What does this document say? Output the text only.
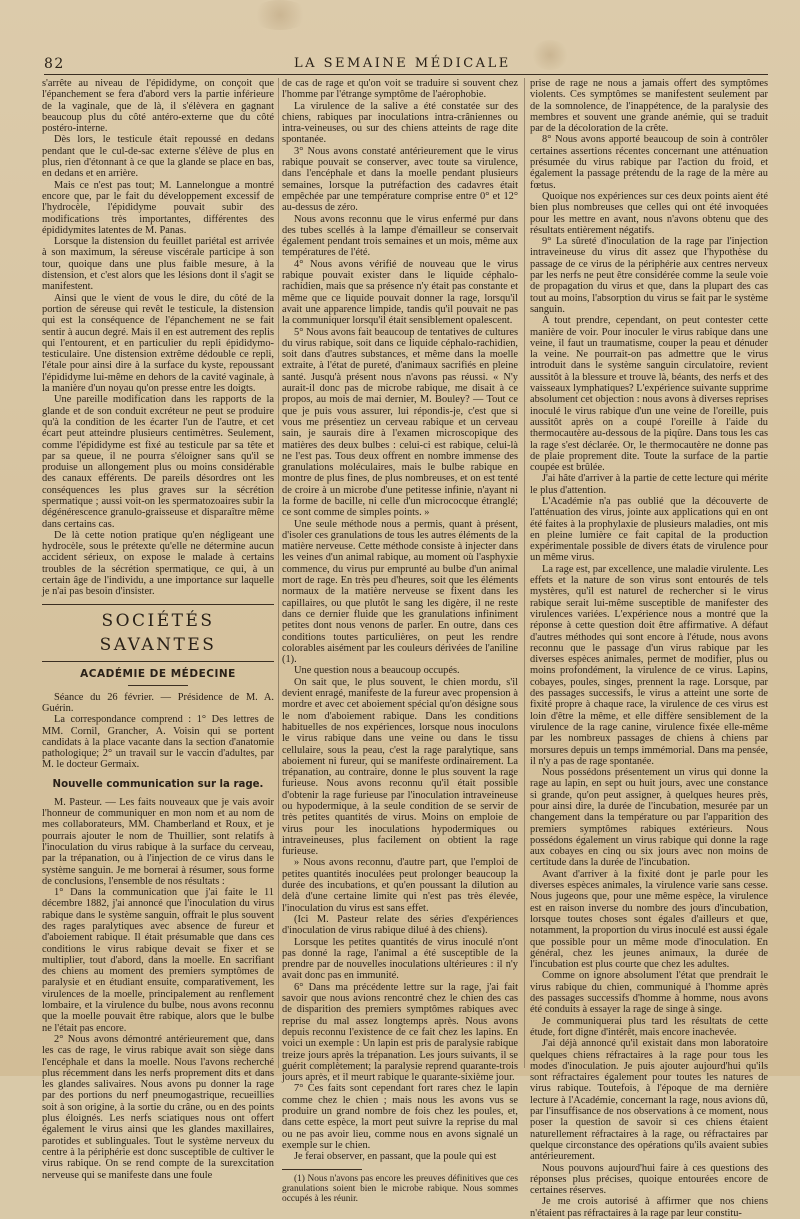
82	LA SEMAINE MÉDICALE

s'arrête au niveau de l'épididyme, on conçoit que l'épanchement se fera d'abord vers la partie inférieure de la vaginale, que de là, il s'élèvera en gagnant beaucoup plus du côté antéro-externe que du côté postéro-interne.

Dès lors, le testicule était repoussé en dedans pendant que le cul-de-sac externe s'élève de plus en plus, rien d'étonnant à ce que la glande se place en bas, en dedans et en arrière.

Mais ce n'est pas tout; M. Lannelongue a montré encore que, par le fait du développement excessif de l'hydrocèle, l'épididyme pouvait subir des modifications très importantes, différentes des épididymites latentes de M. Panas.

Lorsque la distension du feuillet pariétal est arrivée à son maximum, la séreuse viscérale participe à son tour, quoique dans une plus faible mesure, à la distension, et c'est alors que les lésions dont il s'agit se manifestent.

Ainsi que le vient de vous le dire, du côté de la portion de séreuse qui revêt le testicule, la distension qui est la conséquence de l'épanchement ne se fait sentir à aucun degré. Mais il en est autrement des replis qui l'entourent, et en particulier du repli épididymo-testiculaire. Une distension extrême dédouble ce repli, l'étale pour ainsi dire à la surface du kyste, repoussant l'épididyme lui-même en dehors de la cavité vaginale, à la manière d'un noyau qu'on presse entre les doigts.

Une pareille modification dans les rapports de la glande et de son conduit excréteur ne peut se produire qu'à la condition de les écarter l'un de l'autre, et cet écart peut atteindre plusieurs centimètres. Seulement, comme l'épididyme est fixé au testicule par sa tête et par sa queue, il ne pourra s'éloigner sans qu'il se produise un allongement plus ou moins considérable des canaux efférents. De pareils désordres ont les conséquences les plus graves sur la sécrétion spermatique ; aussi voit-on les spermatozoaires subir la dégénérescence granulo-graisseuse et disparaître même dans certains cas.

De là cette notion pratique qu'en négligeant une hydrocèle, sous le prétexte qu'elle ne détermine aucun accident sérieux, on expose le malade à certains troubles de la sécrétion spermatique, ce qui, à un certain âge de l'individu, a une importance sur laquelle je n'ai pas besoin d'insister.

SOCIÉTÉS SAVANTES
ACADÉMIE DE MÉDECINE

Séance du 26 février. — Présidence de M. A. Guérin.

La correspondance comprend : 1° Des lettres de MM. Cornil, Grancher, A. Voisin qui se portent candidats à la place vacante dans la section d'anatomie pathologique; 2° un travail sur le vaccin d'adultes, par M. le docteur Germaix.

Nouvelle communication sur la rage.

M. Pasteur. — Les faits nouveaux que je vais avoir l'honneur de communiquer en mon nom et au nom de mes collaborateurs, MM. Chamberland et Roux, et je pourrais ajouter le nom de Thuillier, sont relatifs à l'inoculation du virus rabique à la surface du cerveau, par la trépanation, ou à l'injection de ce virus dans le système sanguin. Je me bornerai à résumer, sous forme de conclusions, l'ensemble de nos résultats :

1° Dans la communication que j'ai faite le 11 décembre 1882, j'ai annoncé que l'inoculation du virus rabique dans le système sanguin, offrait le plus souvent des rages paralytiques avec absence de fureur et d'aboiement rabique. Il était présumable que dans ces conditions le virus rabique devait se fixer et se multiplier, tout d'abord, dans la moelle. En sacrifiant des chiens au moment des premiers symptômes de paralysie et en étudiant ensuite, comparativement, les virulences de la moelle, principalement au renflement lombaire, et la virulence du bulbe, nous avons reconnu que la moelle pouvait être rabique, alors que le bulbe ne l'était pas encore.

2° Nous avons démontré antérieurement que, dans les cas de rage, le virus rabique avait son siège dans l'encéphale et dans la moelle. Nous l'avons recherché plus récemment dans les nerfs proprement dits et dans les glandes salivaires. Nous avons pu donner la rage par des portions du nerf pneumogastrique, recueillies soit à son origine, à la sortie du crâne, ou en des points plus éloignés. Les nerfs sciatiques nous ont offert également le virus ainsi que les glandes maxillaires, parotides et sublinguales. Tout le système nerveux du centre à la périphérie est donc susceptible de cultiver le virus rabique. On se rend compte de la surexcitation nerveuse qui se manifeste dans une foule

de cas de rage et qu'on voit se traduire si souvent chez l'homme par l'étrange symptôme de l'aérophobie.

La virulence de la salive a été constatée sur des chiens, rabiques par inoculations intra-crâniennes ou intra-veineuses, ou sur des chiens atteints de rage dite spontanée.

3° Nous avons constaté antérieurement que le virus rabique pouvait se conserver, avec toute sa virulence, dans l'encéphale et dans la moelle pendant plusieurs semaines, lorsque la putréfaction des cadavres était empêchée par une température comprise entre 0° et 12° au-dessus de zéro.

Nous avons reconnu que le virus enfermé pur dans des tubes scellés à la lampe d'émailleur se conservait également pendant trois semaines et un mois, même aux températures de l'été.

4° Nous avons vérifié de nouveau que le virus rabique pouvait exister dans le liquide céphalo-rachidien, mais que sa présence n'y était pas constante et même que ce liquide pouvait donner la rage, lorsqu'il avait une apparence limpide, tandis qu'il pouvait ne pas la communiquer lorsqu'il était sensiblement opalescent.

5° Nous avons fait beaucoup de tentatives de cultures du virus rabique, soit dans ce liquide céphalo-rachidien, soit dans d'autres substances, et même dans la moelle extraite, à l'état de pureté, d'animaux sacrifiés en pleine santé. Jusqu'à présent nous n'avons pas réussi. « N'y aurait-il donc pas de microbe rabique, me disait à ce propos, au mois de mai dernier, M. Bouley? — Tout ce que je puis vous assurer, lui répondis-je, c'est que si vous me présentiez un cerveau rabique et un cerveau sain, je saurais dire à l'examen microscopique des matières des deux bulbes : celui-ci est rabique, celui-là ne l'est pas. Tous deux offrent en nombre immense des granulations moléculaires, mais le bulbe rabique en montre de plus fines, de plus nombreuses, et on est tenté de croire à un microbe d'une petitesse infinie, n'ayant ni la forme de bacille, ni celle d'un micrococque étranglé; ce sont comme de simples points. »

Une seule méthode nous a permis, quant à présent, d'isoler ces granulations de tous les autres éléments de la matière nerveuse. Cette méthode consiste à injecter dans les veines d'un animal rabique, au moment où l'asphyxie commence, du virus pur emprunté au bulbe d'un animal mort de rage. En très peu d'heures, soit que les éléments normaux de la matière nerveuse se fixent dans les capillaires, ou que plutôt le sang les digère, il ne reste dans ce dernier fluide que les granulations infiniment petites dont nous venons de parler. En outre, dans ces conditions toutes particulières, on peut les rendre colorables aisément par les couleurs dérivées de l'aniline (1).

Une question nous a beaucoup occupés.

On sait que, le plus souvent, le chien mordu, s'il devient enragé, manifeste de la fureur avec propension à mordre et avec cet aboiement spécial qu'on désigne sous le nom d'aboiement rabique. Dans les conditions habituelles de nos expériences, lorsque nous inoculons le virus rabique dans une veine ou dans le tissu cellulaire, sous la peau, c'est la rage paralytique, sans aboiement ni fureur, qui se manifeste ordinairement. La trépanation, au contraire, donne le plus souvent la rage furieuse. Nous avons reconnu qu'il était possible d'obtenir la rage furieuse par l'inoculation intraveineuse ou hypodermique, à la seule condition de se servir de très petites quantités de virus. Moins on emploie de virus pour les inoculations hypodermiques ou intraveineuses, plus facilement on obtient la rage furieuse.

» Nous avons reconnu, d'autre part, que l'emploi de petites quantités inoculées peut prolonger beaucoup la durée des incubations, et qu'en poussant la dilution au delà d'une certaine limite qui n'est pas très élevée, l'inoculation du virus est sans effet.

(Ici M. Pasteur relate des séries d'expériences d'inoculation de virus rabique dilué à des chiens).

Lorsque les petites quantités de virus inoculé n'ont pas donné la rage, l'animal a été susceptible de la prendre par de nouvelles inoculations ultérieures : il n'y avait donc pas en immunité.

6° Dans ma précédente lettre sur la rage, j'ai fait savoir que nous avions rencontré chez le chien des cas de disparition des premiers symptômes rabiques avec reprise du mal assez longtemps après. Nous avons depuis reconnu l'existence de ce fait chez les lapins. En voici un exemple : Un lapin est pris de paralysie rabique treize jours après la trépanation. Les jours suivants, il se guérit complètement; la paralysie reprend quarante-trois jours après, et il meurt rabique le quarante-sixième jour.

7° Ces faits sont cependant fort rares chez le lapin comme chez le chien ; mais nous les avons vus se produire un grand nombre de fois chez les poules, et, dans cette espèce, la mort peut suivre la reprise du mal ou ne pas avoir lieu, comme nous en avons signalé un exemple sur le chien.

Je ferai observer, en passant, que la poule qui est

(1) Nous n'avons pas encore les preuves définitives que ces granulations soient bien le microbe rabique. Nous sommes occupés à les réunir.

prise de rage ne nous a jamais offert des symptômes violents. Ces symptômes se manifestent seulement par de la somnolence, de l'inappétence, de la paralysie des membres et souvent une grande anémie, qui se traduit par de la décoloration de la crête.

8° Nous avons apporté beaucoup de soin à contrôler certaines assertions récentes concernant une atténuation présumée du virus rabique par l'action du froid, et également la passage prétendu de la rage de la mère au fœtus.

Quoique nos expériences sur ces deux points aient été bien plus nombreuses que celles qui ont été invoquées pour les mettre en avant, nous n'avons obtenu que des résultats entièrement négatifs.

9° La sûreté d'inoculation de la rage par l'injection intraveineuse du virus dit assez que l'hypothèse du passage de ce virus de la périphérie aux centres nerveux par les nerfs ne peut être considérée comme la seule voie de propagation du virus et que, dans la plupart des cas tout au moins, l'absorption du virus se fait par le système sanguin.

A tout prendre, cependant, on peut contester cette manière de voir. Pour inoculer le virus rabique dans une veine, il faut un traumatisme, couper la peau et dénuder la veine. Ne pourrait-on pas admettre que le virus introduit dans le système sanguin circulatoire, revient aussitôt à la blessure et trouve là, béants, des nerfs et des vaisseaux lymphatiques? L'expérience suivante supprime absolument cet objection : nous avons à diverses reprises inoculé le virus rabique d'un une veine de l'oreille, puis aussitôt après on a coupé l'oreille à l'aide du thermocautère au-dessous de la piqûre. Dans tous les cas la rage s'est déclarée. Or, le thermocautère ne donne pas de plaie proprement dite. Toute la surface de la partie coupée est brûlée.

J'ai hâte d'arriver à la partie de cette lecture qui mérite le plus d'attention.

L'Académie n'a pas oublié que la découverte de l'atténuation des virus, jointe aux applications qui en ont été faites à la prophylaxie de plusieurs maladies, ont mis en pleine lumière ce fait capital de la production expérimentale possible de divers états de virulence pour un même virus.

La rage est, par excellence, une maladie virulente. Les effets et la nature de son virus sont entourés de tels mystères, qu'il est naturel de rechercher si le virus rabique serait lui-même susceptible de manifester des virulences variées. L'expérience nous a montré que la réponse à cette question doit être affirmative. A défaut d'autres méthodes qui sont encore à l'étude, nous avons reconnu que le passage d'un virus rabique par les diverses espèces animales, permet de modifier, plus ou moins profondément, la virulence de ce virus. Lapins, cobayes, poules, singes, prennent la rage. Lorsque, par des passages successifs, le virus a atteint une sorte de fixité propre à chaque race, la virulence de ces virus est loin d'être la même, et elle diffère sensiblement de la virulence de la rage canine, virulence fixée elle-même par les nombreux passages de chiens à chiens par morsures depuis un temps immémorial. Dans ma pensée, il n'y a pas de rage spontanée.

Nous possédons présentement un virus qui donne la rage au lapin, en sept ou huit jours, avec une constance si grande, qu'on peut assigner, à quelques heures près, pour ainsi dire, la durée de l'incubation, mesurée par un changement dans la température ou par l'apparition des premiers symptômes rabiques extérieurs. Nous possédons également un virus rabique qui donne la rage aux cobayes en cinq ou six jours avec non moins de certitude dans la durée de l'incubation.

Avant d'arriver à la fixité dont je parle pour les diverses espèces animales, la virulence varie sans cesse. Nous jugeons que, pour une même espèce, la virulence est en raison inverse du nombre des jours d'incubation, lorsque toutes choses sont égales d'ailleurs et que, notamment, la proportion du virus inoculé est aussi égale que possible pour un même mode d'inoculation. En général, chez les jeunes animaux, la durée de l'incubation est plus courte que chez les adultes.

Comme on ignore absolument l'état que prendrait le virus rabique du chien, communiqué à l'homme après des passages successifs d'homme à homme, nous avons été conduits à essayer la rage de singe à singe.

Je communiquerai plus tard les résultats de cette étude, fort digne d'intérêt, mais encore inachevée.

J'ai déjà annoncé qu'il existait dans mon laboratoire quelques chiens réfractaires à la rage pour tous les modes d'inoculation. Je puis ajouter aujourd'hui qu'ils sont réfractaires également pour toutes les natures de virus rabique. Toutefois, à l'époque de ma dernière lecture à l'Académie, concernant la rage, nous avions dû, par l'insuffisance de nos observations à ce moment, nous poser la question de savoir si ces chiens étaient naturellement réfractaires à la rage, ou réfractaires par quelque circonstance des opérations qu'ils avaient subies antérieurement.

Nous pouvons aujourd'hui faire à ces questions des réponses plus précises, quoique entourées encore de certaines réserves.

Je me crois autorisé à affirmer que nos chiens n'étaient pas réfractaires à la rage par leur constitu-
